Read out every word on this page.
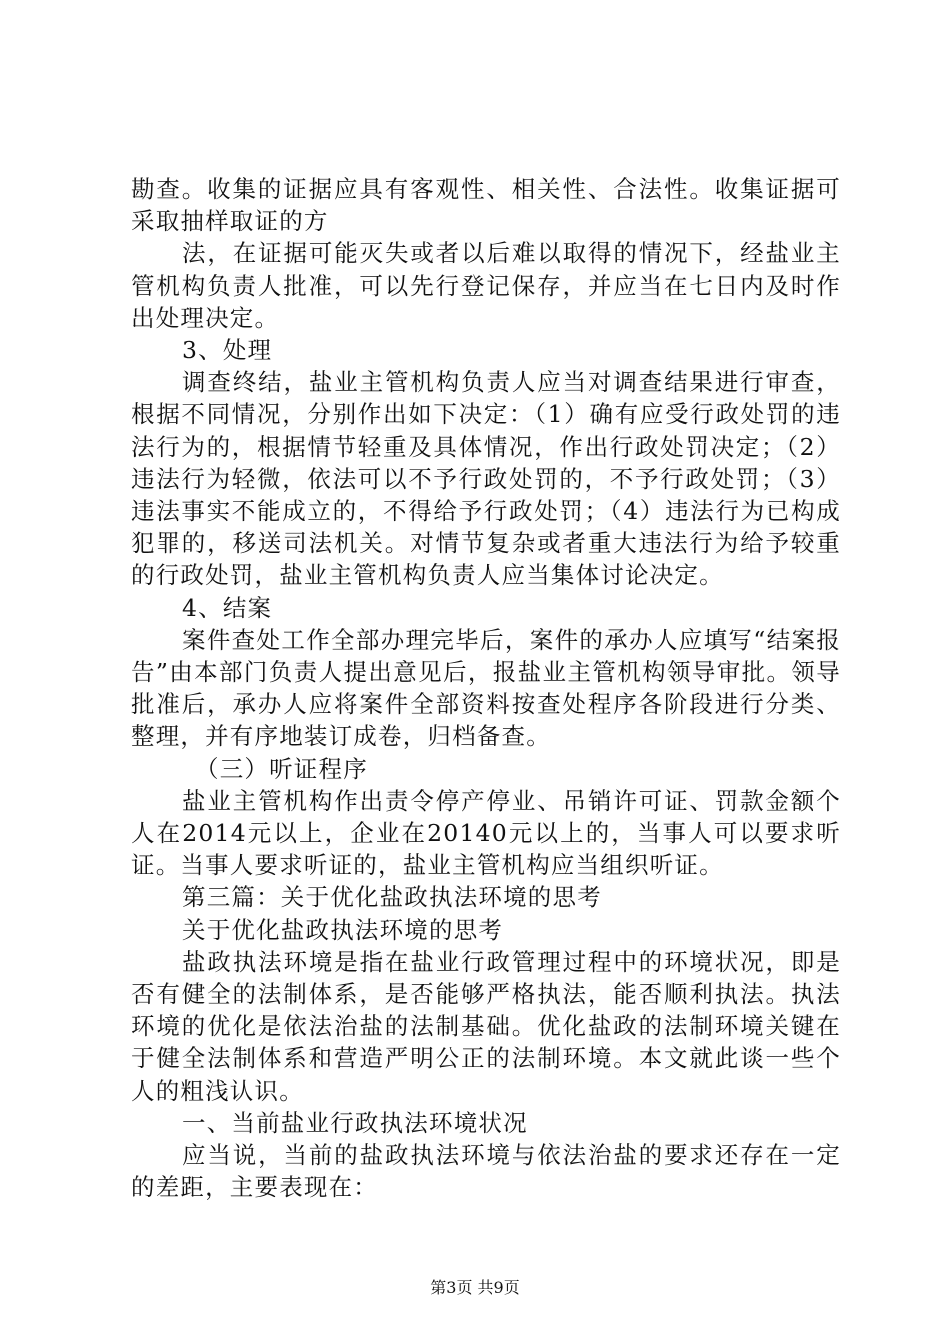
勘查。收集的证据应具有客观性、相关性、合法性。收集证据可采取抽样取证的方

法，在证据可能灭失或者以后难以取得的情况下，经盐业主管机构负责人批准，可以先行登记保存，并应当在七日内及时作出处理决定。

3、处理

调查终结，盐业主管机构负责人应当对调查结果进行审查，根据不同情况，分别作出如下决定：（1）确有应受行政处罚的违法行为的，根据情节轻重及具体情况，作出行政处罚决定；（2）违法行为轻微，依法可以不予行政处罚的，不予行政处罚；（3）违法事实不能成立的，不得给予行政处罚；（4）违法行为已构成犯罪的，移送司法机关。对情节复杂或者重大违法行为给予较重的行政处罚，盐业主管机构负责人应当集体讨论决定。

4、结案

案件查处工作全部办理完毕后，案件的承办人应填写“结案报告”由本部门负责人提出意见后，报盐业主管机构领导审批。领导批准后，承办人应将案件全部资料按查处程序各阶段进行分类、整理，并有序地装订成卷，归档备查。

（三）听证程序

盐业主管机构作出责令停产停业、吊销许可证、罚款金额个人在2014元以上，企业在20140元以上的，当事人可以要求听证。当事人要求听证的，盐业主管机构应当组织听证。

第三篇：关于优化盐政执法环境的思考

关于优化盐政执法环境的思考

盐政执法环境是指在盐业行政管理过程中的环境状况，即是否有健全的法制体系，是否能够严格执法，能否顺利执法。执法环境的优化是依法治盐的法制基础。优化盐政的法制环境关键在于健全法制体系和营造严明公正的法制环境。本文就此谈一些个人的粗浅认识。

一、当前盐业行政执法环境状况

应当说，当前的盐政执法环境与依法治盐的要求还存在一定的差距，主要表现在：

第3页 共9页
